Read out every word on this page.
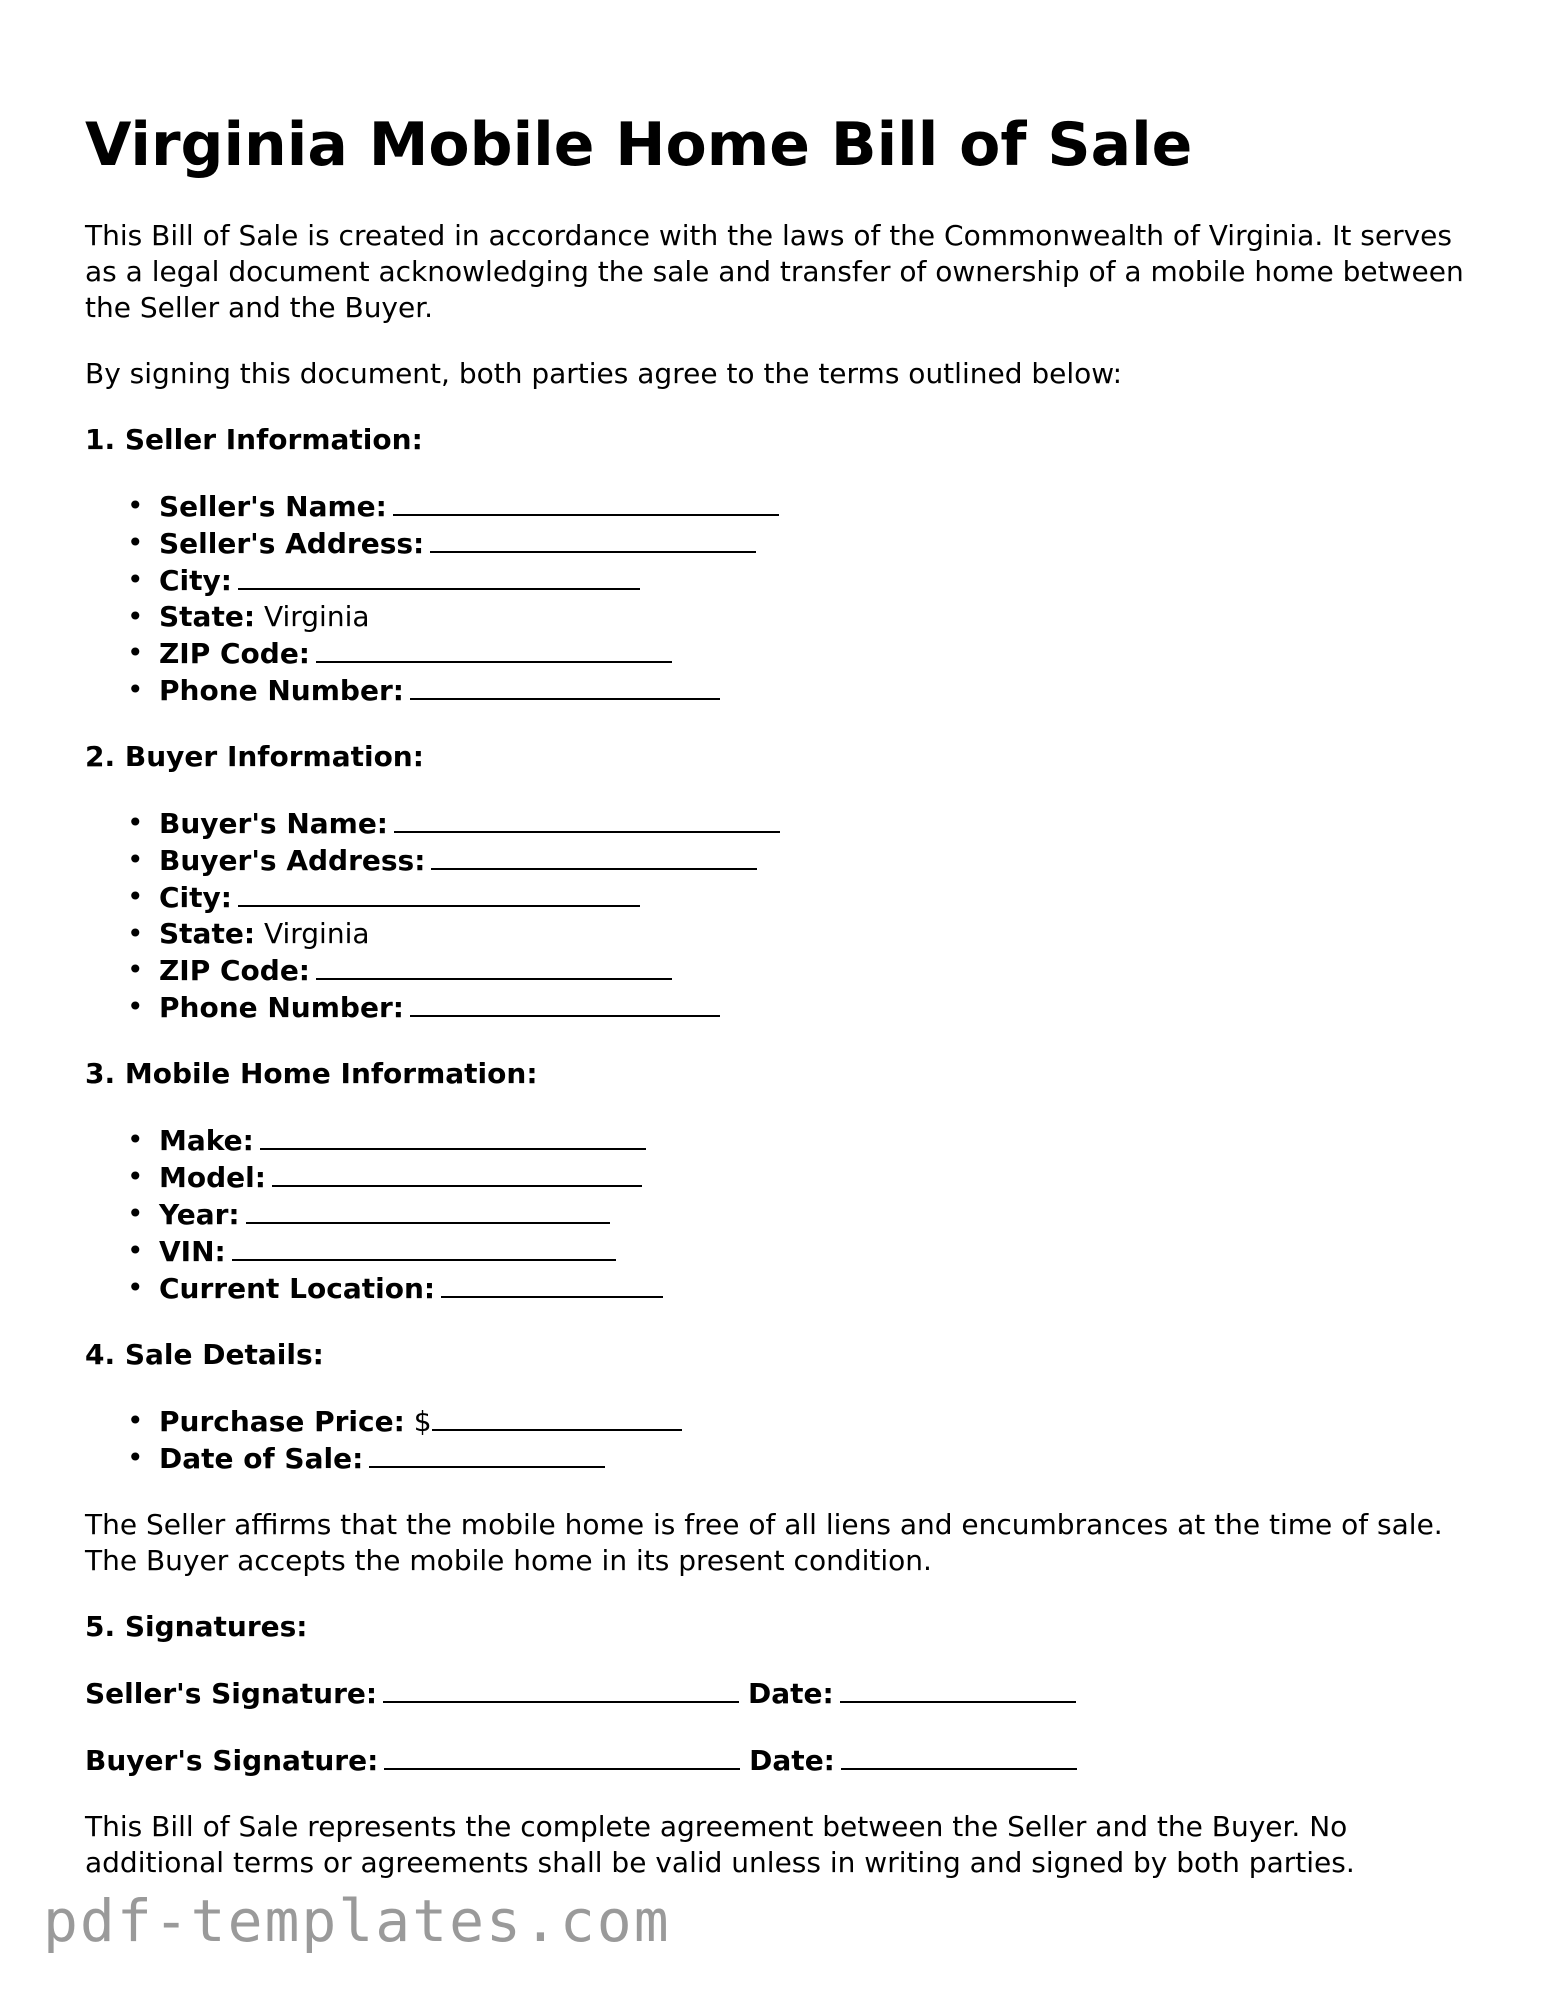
Virginia Mobile Home Bill of Sale

This Bill of Sale is created in accordance with the laws of the Commonwealth of Virginia. It serves as a legal document acknowledging the sale and transfer of ownership of a mobile home between the Seller and the Buyer.

By signing this document, both parties agree to the terms outlined below:

1. Seller Information:
• Seller's Name:
• Seller's Address:
• City:
• State: Virginia
• ZIP Code:
• Phone Number:
2. Buyer Information:
• Buyer's Name:
• Buyer's Address:
• City:
• State: Virginia
• ZIP Code:
• Phone Number:
3. Mobile Home Information:
• Make:
• Model:
• Year:
• VIN:
• Current Location:
4. Sale Details:
• Purchase Price: $
• Date of Sale:

The Seller affirms that the mobile home is free of all liens and encumbrances at the time of sale. The Buyer accepts the mobile home in its present condition.

5. Signatures:
Seller's Signature:	Date:
Buyer's Signature:	Date:

This Bill of Sale represents the complete agreement between the Seller and the Buyer. No additional terms or agreements shall be valid unless in writing and signed by both parties.

pdf-templates.com
